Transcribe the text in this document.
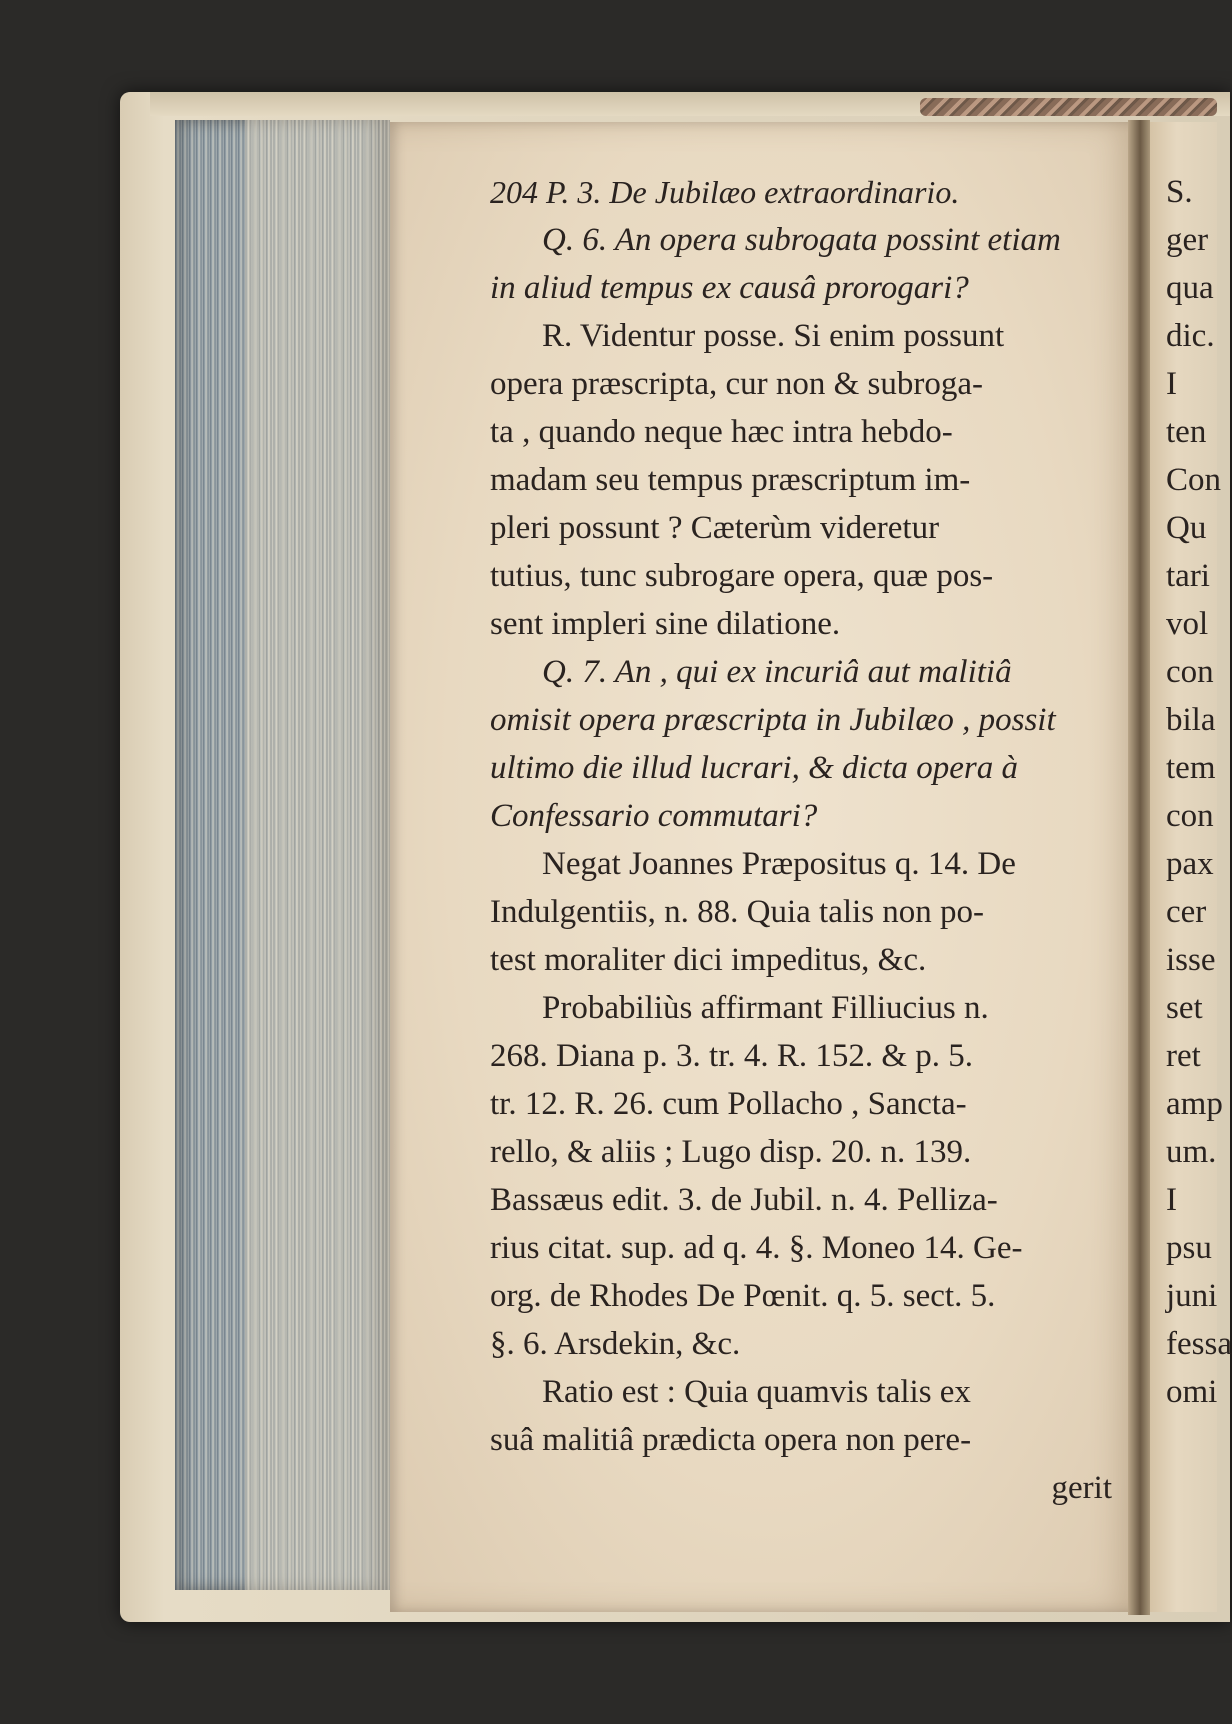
204 P. 3. De Jubilæo extraordinario.
Q. 6. An opera subrogata possint etiam
in aliud tempus ex causâ prorogari?
R. Videntur posse. Si enim possunt
opera præscripta, cur non & subroga-
ta , quando neque hæc intra hebdo-
madam seu tempus præscriptum im-
pleri possunt ? Cæterùm videretur
tutius, tunc subrogare opera, quæ pos-
sent impleri sine dilatione.
Q. 7. An , qui ex incuriâ aut malitiâ
omisit opera præscripta in Jubilæo , possit
ultimo die illud lucrari, & dicta opera à
Confessario commutari?
Negat Joannes Præpositus q. 14. De
Indulgentiis, n. 88. Quia talis non po-
test moraliter dici impeditus, &c.
Probabiliùs affirmant Filliucius n.
268. Diana p. 3. tr. 4. R. 152. & p. 5.
tr. 12. R. 26. cum Pollacho , Sancta-
rello, & aliis ; Lugo disp. 20. n. 139.
Bassæus edit. 3. de Jubil. n. 4. Pelliza-
rius citat. sup. ad q. 4. §. Moneo 14. Ge-
org. de Rhodes De Pœnit. q. 5. sect. 5.
§. 6. Arsdekin, &c.
Ratio est : Quia quamvis talis ex
suâ malitiâ prædicta opera non pere-
gerit
S.
ger
qua
dic.
I
ten
Con
Qu
tari
vol
con
bila
tem
con
pax
cer
isse
set
ret
amp
um.
I
psu
juni
fessa
omi
